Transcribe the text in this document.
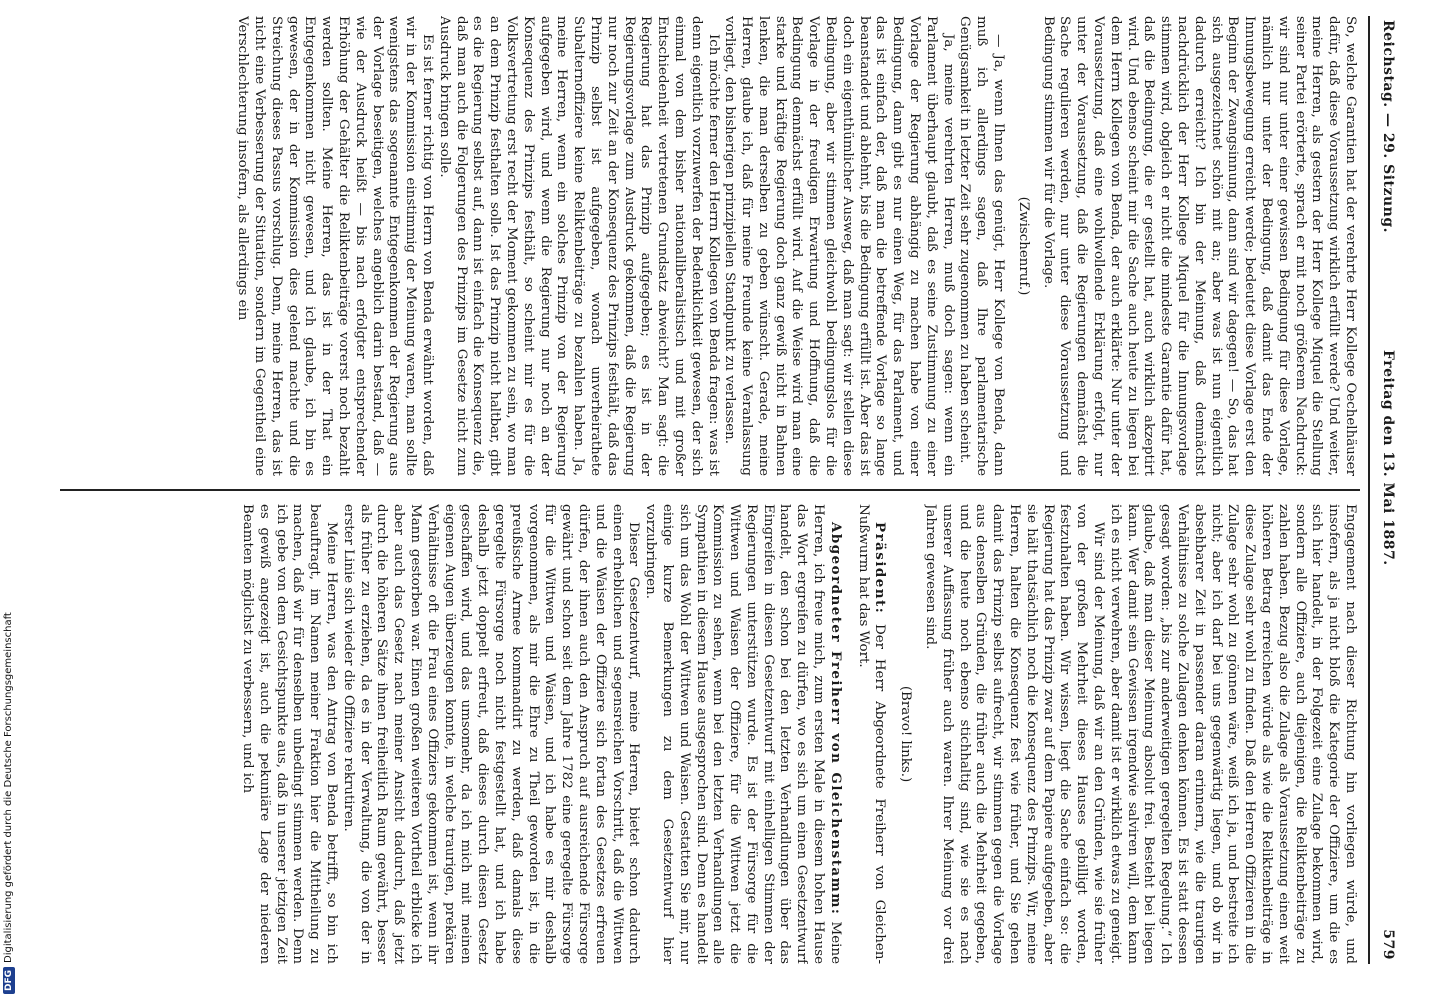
DFGDigitalisierung gefördert durch die Deutsche Forschungsgemeinschaft
Reichstag. — 29. Sitzung.
Freitag den 13. Mai 1887.
579

So, welche Garantien hat der verehrte Herr Kollege Oechelhäuser dafür, daß diese Voraussetzung wirklich erfüllt werde? Und weiter, meine Herren, als gestern der Herr Kollege Miquel die Stellung seiner Partei erörterte, sprach er mit noch größerem Nachdruck: wir sind nur unter einer gewissen Bedingung für diese Vorlage, nämlich nur unter der Bedingung, daß damit das Ende der Innungsbewegung erreicht werde; bedeutet diese Vorlage erst den Beginn der Zwangsinnung, dann sind wir dagegen! — So, das hat sich ausgezeichnet schön mit an; aber was ist nun eigentlich dadurch erreicht? Ich bin der Meinung, daß demnächst nachdrücklich der Herr Kollege Miquel für die Innungsvorlage stimmen wird, obgleich er nicht die mindeste Garantie dafür hat, daß die Bedingung, die er gestellt hat, auch wirklich akzeptirt wird. Und ebenso scheint mir die Sache auch heute zu liegen bei dem Herrn Kollegen von Benda, der auch erklärte: Nur unter der Voraussetzung, daß eine wohlwollende Erklärung erfolgt, nur unter der Voraussetzung, daß die Regierungen demnächst die Sache regulieren werden, nur unter diese Voraussetzung und Bedingung stimmen wir für die Vorlage.

(Zwischenruf.)

— Ja, wenn Ihnen das genügt, Herr Kollege von Benda, dann muß ich allerdings sagen, daß Ihre parlamentarische Genügsamkeit in letzter Zeit sehr zugenommen zu haben scheint.

Ja, meine verehrten Herren, muß doch sagen: wenn ein Parlament überhaupt glaubt, daß es seine Zustimmung zu einer Vorlage der Regierung abhängig zu machen habe von einer Bedingung, dann gibt es nur einen Weg, für das Parlament, und das ist einfach der, daß man die betreffende Vorlage so lange beanstandet und ablehnt, bis die Bedingung erfüllt ist. Aber das ist doch ein eigenthümlicher Ausweg, daß man sagt: wir stellen diese Bedingung, aber wir stimmen gleichwohl bedingungslos für die Vorlage in der freudigen Erwartung und Hoffnung, daß die Bedingung demnächst erfüllt wird. Auf die Weise wird man eine starke und kräftige Regierung doch ganz gewiß nicht in Bahnen lenken, die man derselben zu geben wünscht. Gerade, meine Herren, glaube ich, daß für meine Freunde keine Veranlassung vorliegt, den bisherigen prinzipiellen Standpunkt zu verlassen.

Ich möchte ferner den Herrn Kollegen von Benda fragen: was ist denn eigentlich vorzuwerfen der Bedenklichkeit gewesen, der sich einmal von dem bisher nationalliberalistisch und mit großer Entschiedenheit vertretenen Grundsatz abweicht? Man sagt: die Regierung hat das Prinzip aufgegeben; es ist in der Regierungsvorlage zum Ausdruck gekommen, daß die Regierung nur noch zur Zeit an der Konsequenz des Prinzips festhält, daß das Prinzip selbst ist aufgegeben, wonach unverheirathete Subalternoffiziere keine Reliktenbeiträge zu bezahlen haben. Ja, meine Herren, wenn ein solches Prinzip von der Regierung aufgegeben wird, und wenn die Regierung nur noch an der Konsequenz des Prinzips festhält, so scheint mir es für die Volksvertretung erst recht der Moment gekommen zu sein, wo man an dem Prinzip festhalten solle. Ist das Prinzip nicht haltbar, gibt es die Regierung selbst auf, dann ist einfach die Konsequenz die, daß man auch die Folgerungen des Prinzips im Gesetze nicht zum Ausdruck bringen solle.

Es ist ferner richtig von Herrn von Benda erwähnt worden, daß wir in der Kommission einstimmig der Meinung waren, man sollte wenigstens das sogenannte Entgegenkommen der Regierung aus der Vorlage beseitigen, welches angeblich darin bestand, daß — wie der Ausdruck heißt — bis nach erfolgter entsprechender Erhöhung der Gehälter die Reliktenbeiträge vorerst noch bezahlt werden sollten. Meine Herren, das ist in der That ein Entgegenkommen nicht gewesen, und ich glaube, ich bin es gewesen, der in der Kommission dies gelend machte und die Streichung dieses Passus vorschlug. Denn, meine Herren, das ist nicht eine Verbesserung der Situation, sondern im Gegentheil eine Verschlechterung insofern, als allerdings ein

Engagement nach dieser Richtung hin vorliegen würde, und insofern, als ja nicht bloß die Kategorie der Offiziere, um die es sich hier handelt, in der Folgezeit eine Zulage bekommen wird, sondern alle Offiziere, auch diejenigen, die Reliktenbeiträge zu zahlen haben. Bezug also die Zulage als Voraussetzung einen weit höheren Betrag erreichen würde als wie die Reliktenbeiträge in diese Zulage sehr wohl zu finden. Daß den Herren Offizieren in die Zulage sehr wohl zu gönnen wäre, weiß ich ja, und bestreite ich nicht; aber ich darf bei uns gegenwärtig liegen, und ob wir in absehbarer Zeit in passender daran erinnern, wie die traurigen Verhältnisse zu solche Zulagen denken können. Es ist statt dessen gesagt worden: „bis zur anderweitigen geregelten Regelung.“ Ich glaube, daß man dieser Meinung absolut frei. Besteht bei liegen kann. Wer damit sein Gewissen irgendwie salviren will, dem kann ich es nicht verwehren, aber damit ist er wirklich etwas zu geneigt.

Wir sind der Meinung, daß wir an den Gründen, wie sie früher von der großen Mehrheit dieses Hauses gebilligt worden, festzuhalten haben. Wir wissen, liegt die Sache einfach so: die Regierung hat das Prinzip zwar auf dem Papiere aufgegeben, aber sie hält thatsächlich noch die Konsequenz des Prinzips. Wir, meine Herren, halten die Konsequenz fest wie früher, und Sie gehen damit das Prinzip selbst aufrecht, wir stimmen gegen die Vorlage aus denselben Gründen, die früher auch die Mehrheit gegeben, und die heute noch ebenso stichhaltig sind, wie sie es nach unserer Auffassung früher auch waren. Ihrer Meinung vor drei Jahren gewesen sind.

(Bravo! links.)

Präsident: Der Herr Abgeordnete Freiherr von Gleichen-Nußwurm hat das Wort.

Abgeordneter Freiherr von Gleichenstamm: Meine Herren, ich freue mich, zum ersten Male in diesem hohen Hause das Wort ergreifen zu dürfen, wo es sich um einen Gesetzentwurf handelt, den schon bei den letzten Verhandlungen über das Eingreifen in diesen Gesetzentwurf mit einhelligen Stimmen der Regierungen unterstützen wurde. Es ist der Fürsorge für die Wittwen und Waisen der Offiziere, für die Wittwen jetzt die Kommission zu sehen, wenn bei den letzten Verhandlungen alle Sympathien in diesem Hause ausgesprochen sind. Denn es handelt sich um das Wohl der Wittwen und Waisen. Gestatten Sie mir, nur einige kurze Bemerkungen zu dem Gesetzentwurf hier vorzubringen.

Dieser Gesetzentwurf, meine Herren, bietet schon dadurch einen erheblichen und segensreichen Vorschritt, daß die Wittwen und die Waisen der Offiziere sich fortan des Gesetzes erfreuen dürfen, der ihnen auch den Anspruch auf ausreichende Fürsorge gewährt und schon seit dem Jahre 1782 eine geregelte Fürsorge für die Wittwen und Waisen, und ich habe es mir deshalb vorgenommen, als mir die Ehre zu Theil geworden ist, in die preußische Armee kommandirt zu werden, daß damals diese geregelte Fürsorge noch nicht festgestellt hat, und ich habe deshalb jetzt doppelt erfreut, daß dieses durch diesen Gesetz geschaffen wird, und das umsomehr, da ich mich mit meinen eigenen Augen überzeugen konnte, in welche traurigen, prekären Verhältnisse oft die Frau eines Offiziers gekommen ist, wenn ihr Mann gestorben war. Einen großen weiteren Vortheil erblicke ich aber auch das Gesetz nach meiner Ansicht dadurch, daß jetzt durch die höheren Sätze ihnen freiheitlich Raum gewährt, besser als früher zu erziehen, da es in der Verwaltung, die von der in erster Linie sich wieder die Offiziere rekrutiren.

Meine Herren, was den Antrag von Benda betrifft, so bin ich beauftragt, im Namen meiner Fraktion hier die Mittheilung zu machen, daß wir für denselben unbedingt stimmen werden. Denn ich gebe von dem Gesichtspunkte aus, daß in unserer jetzigen Zeit es gewiß angezeigt ist, auch die pekuniäre Lage der niederen Beamten möglichst zu verbessern, und ich
